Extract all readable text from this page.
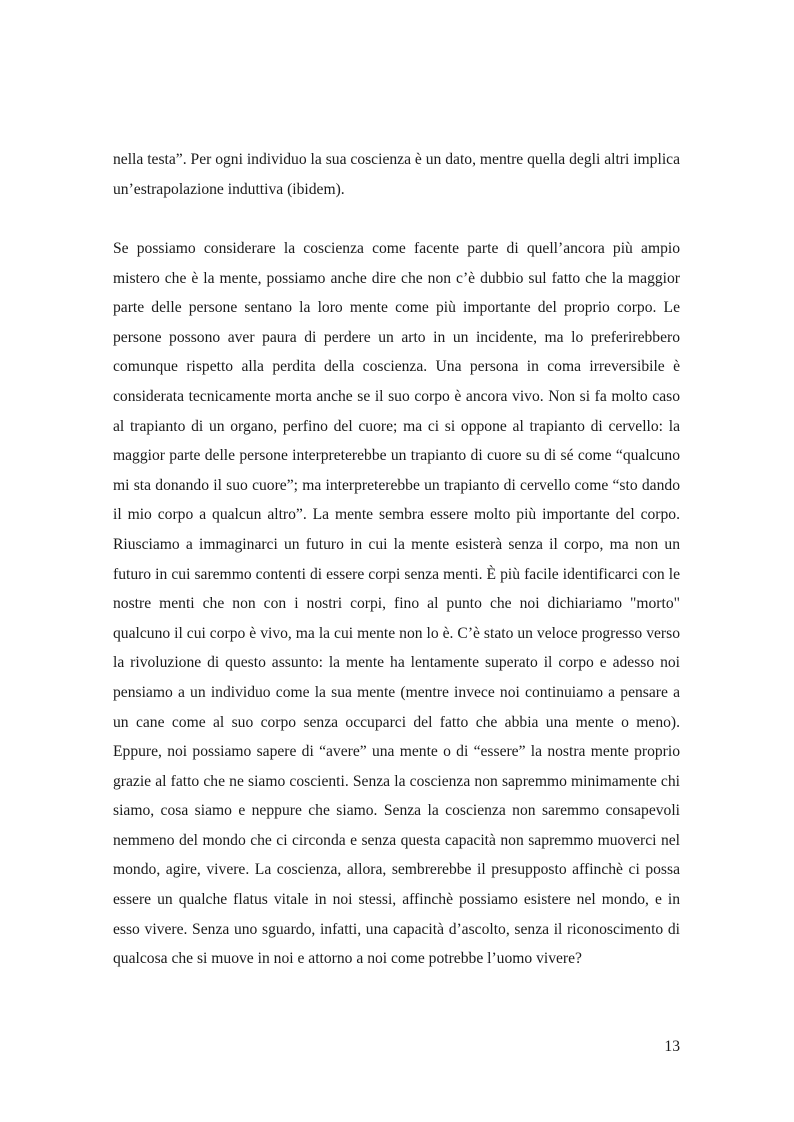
nella testa”. Per ogni individuo la sua coscienza è un dato, mentre quella degli altri implica un’estrapolazione induttiva (ibidem).

Se possiamo considerare la coscienza come facente parte di quell’ancora più ampio mistero che è la mente, possiamo anche dire che non c’è dubbio sul fatto che la maggior parte delle persone sentano la loro mente come più importante del proprio corpo. Le persone possono aver paura di perdere un arto in un incidente, ma lo preferirebbero comunque rispetto alla perdita della coscienza. Una persona in coma irreversibile è considerata tecnicamente morta anche se il suo corpo è ancora vivo. Non si fa molto caso al trapianto di un organo, perfino del cuore; ma ci si oppone al trapianto di cervello: la maggior parte delle persone interpreterebbe un trapianto di cuore su di sé come “qualcuno mi sta donando il suo cuore”; ma interpreterebbe un trapianto di cervello come “sto dando il mio corpo a qualcun altro”. La mente sembra essere molto più importante del corpo. Riusciamo a immaginarci un futuro in cui la mente esisterà senza il corpo, ma non un futuro in cui saremmo contenti di essere corpi senza menti. È più facile identificarci con le nostre menti che non con i nostri corpi, fino al punto che noi dichiariamo "morto" qualcuno il cui corpo è vivo, ma la cui mente non lo è. C’è stato un veloce progresso verso la rivoluzione di questo assunto: la mente ha lentamente superato il corpo e adesso noi pensiamo a un individuo come la sua mente (mentre invece noi continuiamo a pensare a un cane come al suo corpo senza occuparci del fatto che abbia una mente o meno). Eppure, noi possiamo sapere di “avere” una mente o di “essere” la nostra mente proprio grazie al fatto che ne siamo coscienti. Senza la coscienza non sapremmo minimamente chi siamo, cosa siamo e neppure che siamo. Senza la coscienza non saremmo consapevoli nemmeno del mondo che ci circonda e senza questa capacità non sapremmo muoverci nel mondo, agire, vivere. La coscienza, allora, sembrerebbe il presupposto affinchè ci possa essere un qualche flatus vitale in noi stessi, affinchè possiamo esistere nel mondo, e in esso vivere. Senza uno sguardo, infatti, una capacità d’ascolto, senza il riconoscimento di qualcosa che si muove in noi e attorno a noi come potrebbe l’uomo vivere?

13
